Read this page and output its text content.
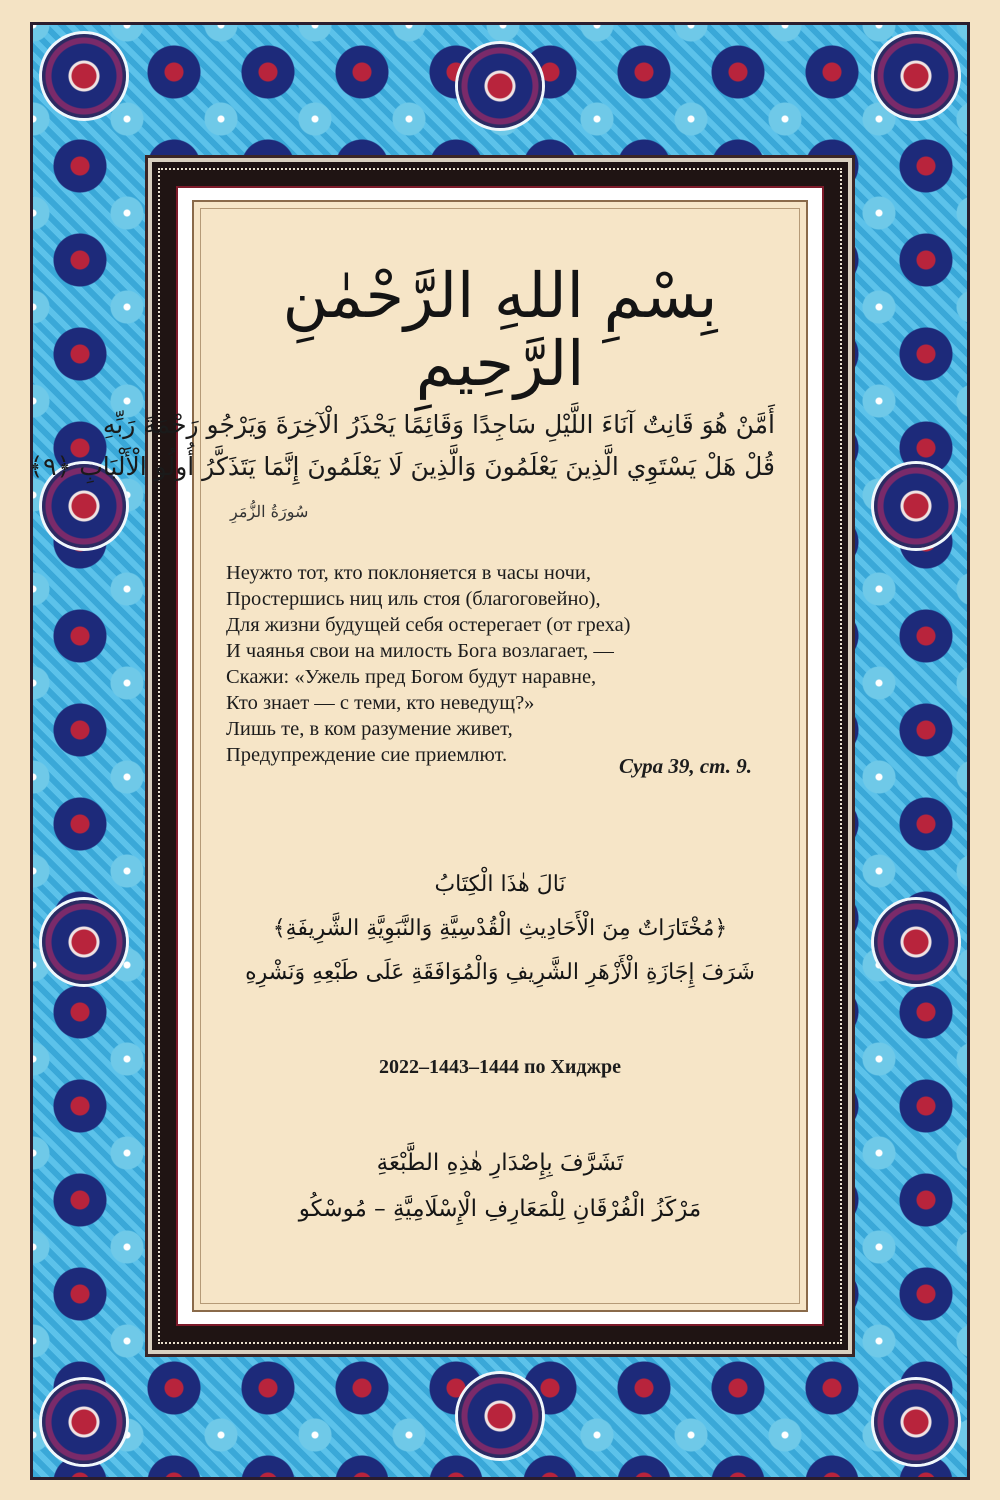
بِسْمِ اللهِ الرَّحْمٰنِ الرَّحِيمِ
أَمَّنْ هُوَ قَانِتٌ آنَاءَ اللَّيْلِ سَاجِدًا وَقَائِمًا يَحْذَرُ الْآخِرَةَ وَيَرْجُو رَحْمَةَ رَبِّهِ
قُلْ هَلْ يَسْتَوِي الَّذِينَ يَعْلَمُونَ وَالَّذِينَ لَا يَعْلَمُونَ إِنَّمَا يَتَذَكَّرُ أُولُو الْأَلْبَابِ ﴿٩﴾
سُورَةُ الزُّمَرِ
Неужто тот, кто поклоняется в часы ночи,
Простершись ниц иль стоя (благоговейно),
Для жизни будущей себя остерегает (от греха)
И чаянья свои на милость Бога возлагает, —
Скажи: «Ужель пред Богом будут наравне,
Кто знает — с теми, кто неведущ?»
Лишь те, в ком разумение живет,
Предупреждение сие приемлют.	Сура 39, ст. 9.
نَالَ هٰذَا الْكِتَابُ
﴿مُخْتَارَاتٌ مِنَ الْأَحَادِيثِ الْقُدْسِيَّةِ وَالنَّبَوِيَّةِ الشَّرِيفَةِ﴾
شَرَفَ إِجَازَةِ الْأَزْهَرِ الشَّرِيفِ وَالْمُوَافَقَةِ عَلَى طَبْعِهِ وَنَشْرِهِ
2022–1443–1444 по Хиджре
تَشَرَّفَ بِإِصْدَارِ هٰذِهِ الطَّبْعَةِ
مَرْكَزُ الْفُرْقَانِ لِلْمَعَارِفِ الْإِسْلَامِيَّةِ – مُوسْكُو
